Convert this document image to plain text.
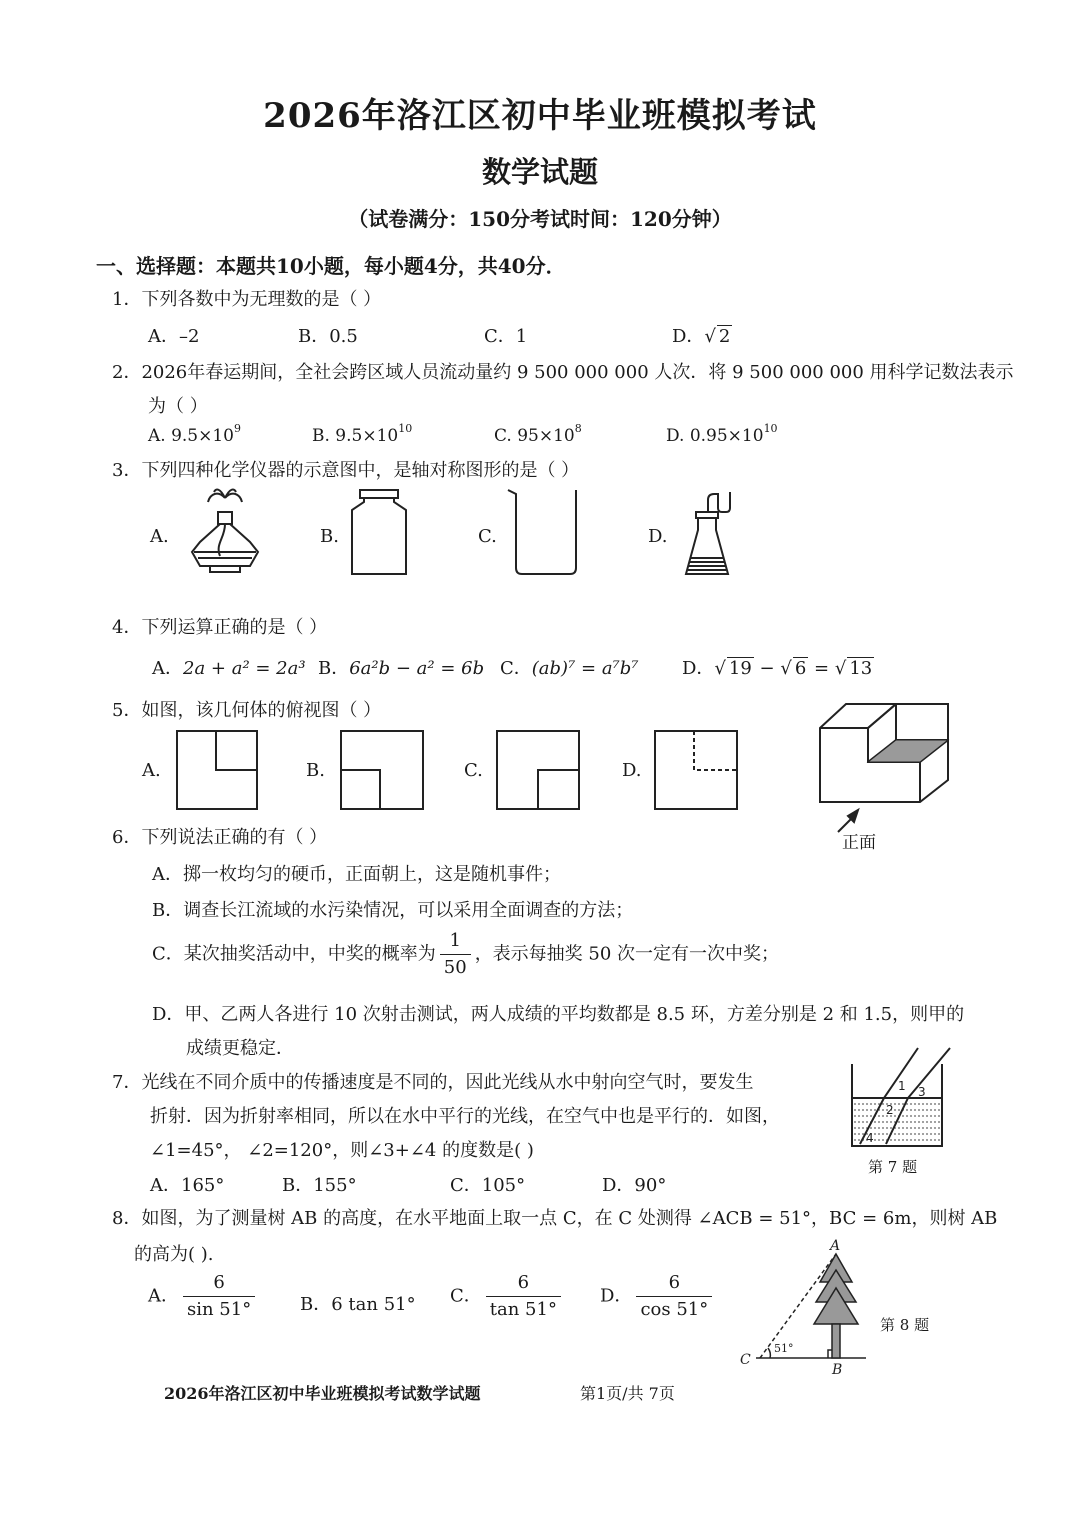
2026年洛江区初中毕业班模拟考试
数学试题
（试卷满分：150分考试时间：120分钟）
一、选择题：本题共10小题，每小题4分，共40分．
1．下列各数中为无理数的是（ ）
A．–2	B．0.5	C．1	D．√ 2
2．2026年春运期间，全社会跨区域人员流动量约 9 500 000 000 人次．将 9 500 000 000 用科学记数法表示
为（ ）
A. $9.5\times 10^9$	B. $9.5\times 10^{10}$	C. $95\times 10^8$	D. $0.95\times 10^{10}$
3．下列四种化学仪器的示意图中，是轴对称图形的是（ ）
A.	B.	C.	D.
4．下列运算正确的是（ ）
A．2a + a² = 2a³ B．6a²b − a² = 6b C．(ab)⁷ = a⁷b⁷ D．√ 19 − √ 6 = √ 13
5．如图，该几何体的俯视图（ ）
A.	B.	C.	D.
正面
6．下列说法正确的有（ ）
A．掷一枚均匀的硬币，正面朝上，这是随机事件；
B．调查长江流域的水污染情况，可以采用全面调查的方法；
C．某次抽奖活动中，中奖的概率为 $\frac{1}{50}$ ，表示每抽奖 50 次一定有一次中奖；
D．甲、乙两人各进行 10 次射击测试，两人成绩的平均数都是 8.5 环，方差分别是 2 和 1.5，则甲的
成绩更稳定．
7．光线在不同介质中的传播速度是不同的，因此光线从水中射向空气时，要发生
折射．因为折射率相同，所以在水中平行的光线，在空气中也是平行的．如图，
∠1=45°， ∠2=120°，则∠3+∠4 的度数是( )
A．165°	B．155°	C．105°	D．90°
1
2
3
4
第 7 题
8．如图，为了测量树 AB 的高度，在水平地面上取一点 C，在 C 处测得 ∠ACB = 51°，BC = 6m，则树 AB
的高为( ).
A． $\frac{6}{\sin 51^\circ}$ B．6 tan 51° C． $\frac{6}{\tan 51^\circ}$ D． $\frac{6}{\cos 51^\circ}$
A
B
C
51°
第 8 题
2026年洛江区初中毕业班模拟考试数学试题	第1页/共 7页
